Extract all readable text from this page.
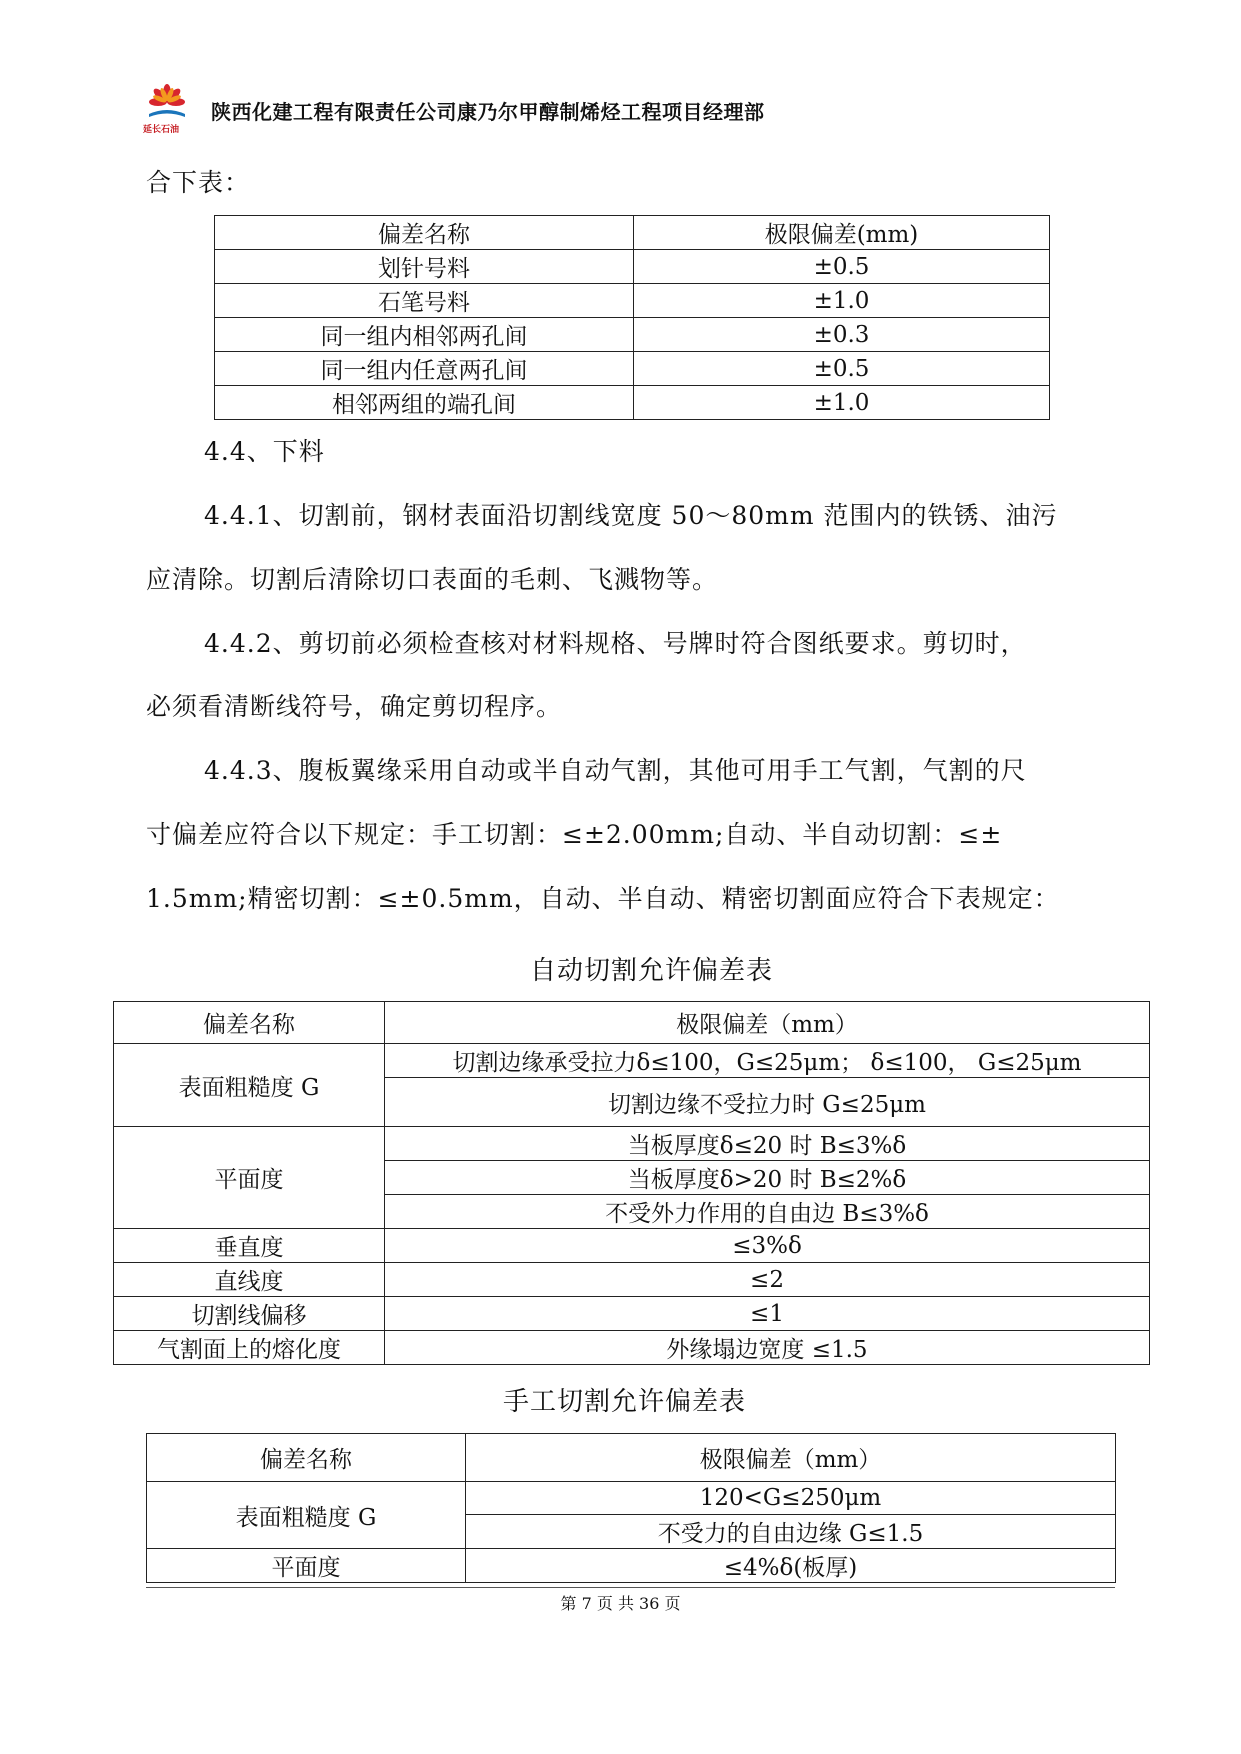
延长石油
陕西化建工程有限责任公司康乃尔甲醇制烯烃工程项目经理部
合下表：
偏差名称	极限偏差(mm)
划针号料	±0.5
石笔号料	±1.0
同一组内相邻两孔间	±0.3
同一组内任意两孔间	±0.5
相邻两组的端孔间	±1.0
4.4、下料
4.4.1、切割前，钢材表面沿切割线宽度 50～80mm 范围内的铁锈、油污
应清除。切割后清除切口表面的毛刺、飞溅物等。
4.4.2、剪切前必须检查核对材料规格、号牌时符合图纸要求。剪切时，
必须看清断线符号，确定剪切程序。
4.4.3、腹板翼缘采用自动或半自动气割，其他可用手工气割，气割的尺
寸偏差应符合以下规定：手工切割：≤±2.00mm;自动、半自动切割：≤±
1.5mm;精密切割：≤±0.5mm，自动、半自动、精密切割面应符合下表规定：
自动切割允许偏差表
偏差名称	极限偏差（mm）
表面粗糙度 G	切割边缘承受拉力δ≤100，G≤25μm； δ≤100， G≤25μm
	切割边缘不受拉力时 G≤25μm
平面度	当板厚度δ≤20 时 B≤3%δ
	当板厚度δ>20 时 B≤2%δ
	不受外力作用的自由边 B≤3%δ
垂直度	≤3%δ
直线度	≤2
切割线偏移	≤1
气割面上的熔化度	外缘塌边宽度 ≤1.5
手工切割允许偏差表
偏差名称	极限偏差（mm）
表面粗糙度 G	120<G≤250μm
	不受力的自由边缘 G≤1.5
平面度	≤4%δ(板厚)
第 7 页 共 36 页
